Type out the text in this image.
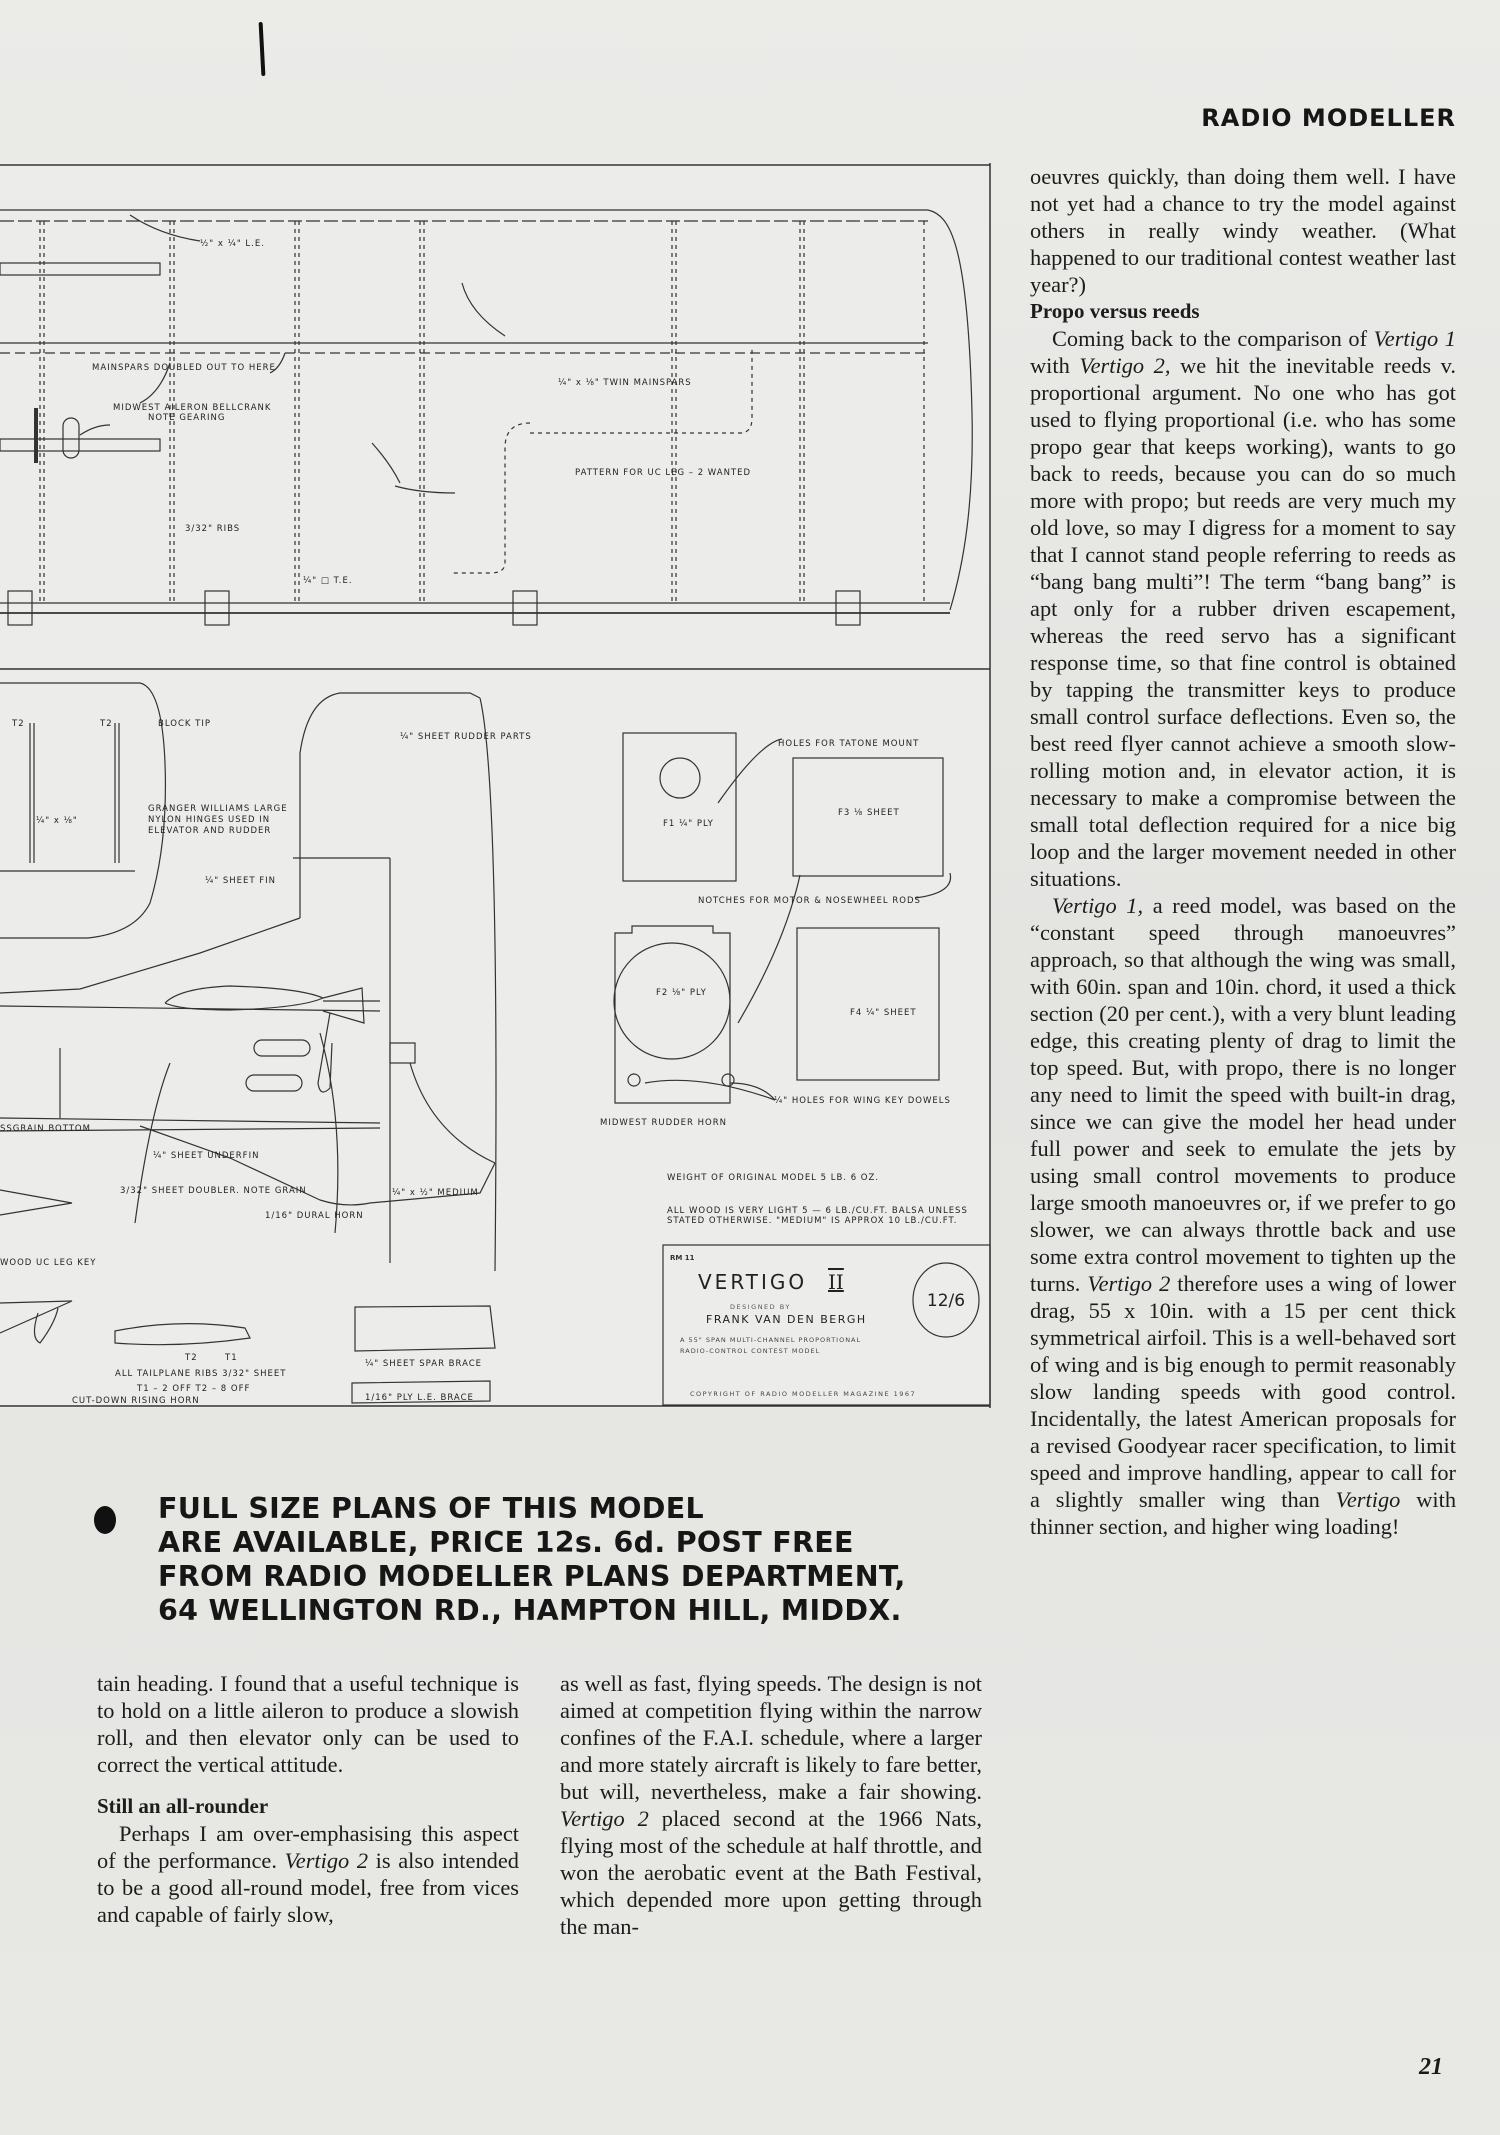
RADIO MODELLER
½" x ¼" L.E.
MAINSPARS DOUBLED OUT TO HERE
MIDWEST AILERON BELLCRANK
NOTE GEARING
¼" x ⅛" TWIN MAINSPARS
PATTERN FOR UC LEG – 2 WANTED
3/32" RIBS
¼" □ T.E.
T2	T2	BLOCK TIP
¼" x ⅛"
GRANGER WILLIAMS LARGE
NYLON HINGES USED IN
ELEVATOR AND RUDDER
¼" SHEET RUDDER PARTS
¼" SHEET FIN
SSGRAIN BOTTOM
¼" SHEET UNDERFIN
3/32" SHEET DOUBLER. NOTE GRAIN
1/16" DURAL HORN
¼" x ½" MEDIUM
WOOD UC LEG KEY
T2	T1
ALL TAILPLANE RIBS 3/32" SHEET
T1 – 2 OFF T2 – 8 OFF
CUT-DOWN RISING HORN
¼" SHEET SPAR BRACE
HOLES FOR TATONE MOUNT
F1 ¼" PLY
F3 ⅛ SHEET
NOTCHES FOR MOTOR & NOSEWHEEL RODS
F2 ⅛" PLY
F4 ¼" SHEET
¼" HOLES FOR WING KEY DOWELS
MIDWEST RUDDER HORN
WEIGHT OF ORIGINAL MODEL 5 LB. 6 OZ.
ALL WOOD IS VERY LIGHT 5 — 6 LB./CU.FT. BALSA UNLESS
STATED OTHERWISE. "MEDIUM" IS APPROX 10 LB./CU.FT.
RM 11
VERTIGO II
DESIGNED BY
FRANK VAN DEN BERGH
A 55" SPAN MULTI-CHANNEL PROPORTIONAL
RADIO-CONTROL CONTEST MODEL
COPYRIGHT OF RADIO MODELLER MAGAZINE 1967
12/6
1/16" PLY L.E. BRACE

oeuvres quickly, than doing them well. I have not yet had a chance to try the model against others in really windy weather. (What happened to our traditional contest weather last year?)

Propo versus reeds

Coming back to the comparison of Vertigo 1 with Vertigo 2, we hit the inevitable reeds v. proportional argument. No one who has got used to flying proportional (i.e. who has some propo gear that keeps working), wants to go back to reeds, because you can do so much more with propo; but reeds are very much my old love, so may I digress for a moment to say that I cannot stand people referring to reeds as “bang bang multi”! The term “bang bang” is apt only for a rubber driven escapement, whereas the reed servo has a significant response time, so that fine control is obtained by tapping the transmitter keys to produce small control surface deflections. Even so, the best reed flyer cannot achieve a smooth slow-rolling motion and, in elevator action, it is necessary to make a compromise between the small total deflection required for a nice big loop and the larger movement needed in other situations.

Vertigo 1, a reed model, was based on the “constant speed through manoeuvres” approach, so that although the wing was small, with 60in. span and 10in. chord, it used a thick section (20 per cent.), with a very blunt leading edge, this creating plenty of drag to limit the top speed. But, with propo, there is no longer any need to limit the speed with built-in drag, since we can give the model her head under full power and seek to emulate the jets by using small control movements to produce large smooth manoeuvres or, if we prefer to go slower, we can always throttle back and use some extra control movement to tighten up the turns. Vertigo 2 therefore uses a wing of lower drag, 55 x 10in. with a 15 per cent thick symmetrical airfoil. This is a well-behaved sort of wing and is big enough to permit reasonably slow landing speeds with good control. Incidentally, the latest American proposals for a revised Goodyear racer specification, to limit speed and improve handling, appear to call for a slightly smaller wing than Vertigo with thinner section, and higher wing loading!

FULL SIZE PLANS OF THIS MODEL
ARE AVAILABLE, PRICE 12s. 6d. POST FREE
FROM RADIO MODELLER PLANS DEPARTMENT,
64 WELLINGTON RD., HAMPTON HILL, MIDDX.

tain heading. I found that a useful technique is to hold on a little aileron to produce a slowish roll, and then elevator only can be used to correct the vertical attitude.

Still an all-rounder

Perhaps I am over-emphasising this aspect of the performance. Vertigo 2 is also intended to be a good all-round model, free from vices and capable of fairly slow,

as well as fast, flying speeds. The design is not aimed at competition flying within the narrow confines of the F.A.I. schedule, where a larger and more stately aircraft is likely to fare better, but will, nevertheless, make a fair showing. Vertigo 2 placed second at the 1966 Nats, flying most of the schedule at half throttle, and won the aerobatic event at the Bath Festival, which depended more upon getting through the man-

21
